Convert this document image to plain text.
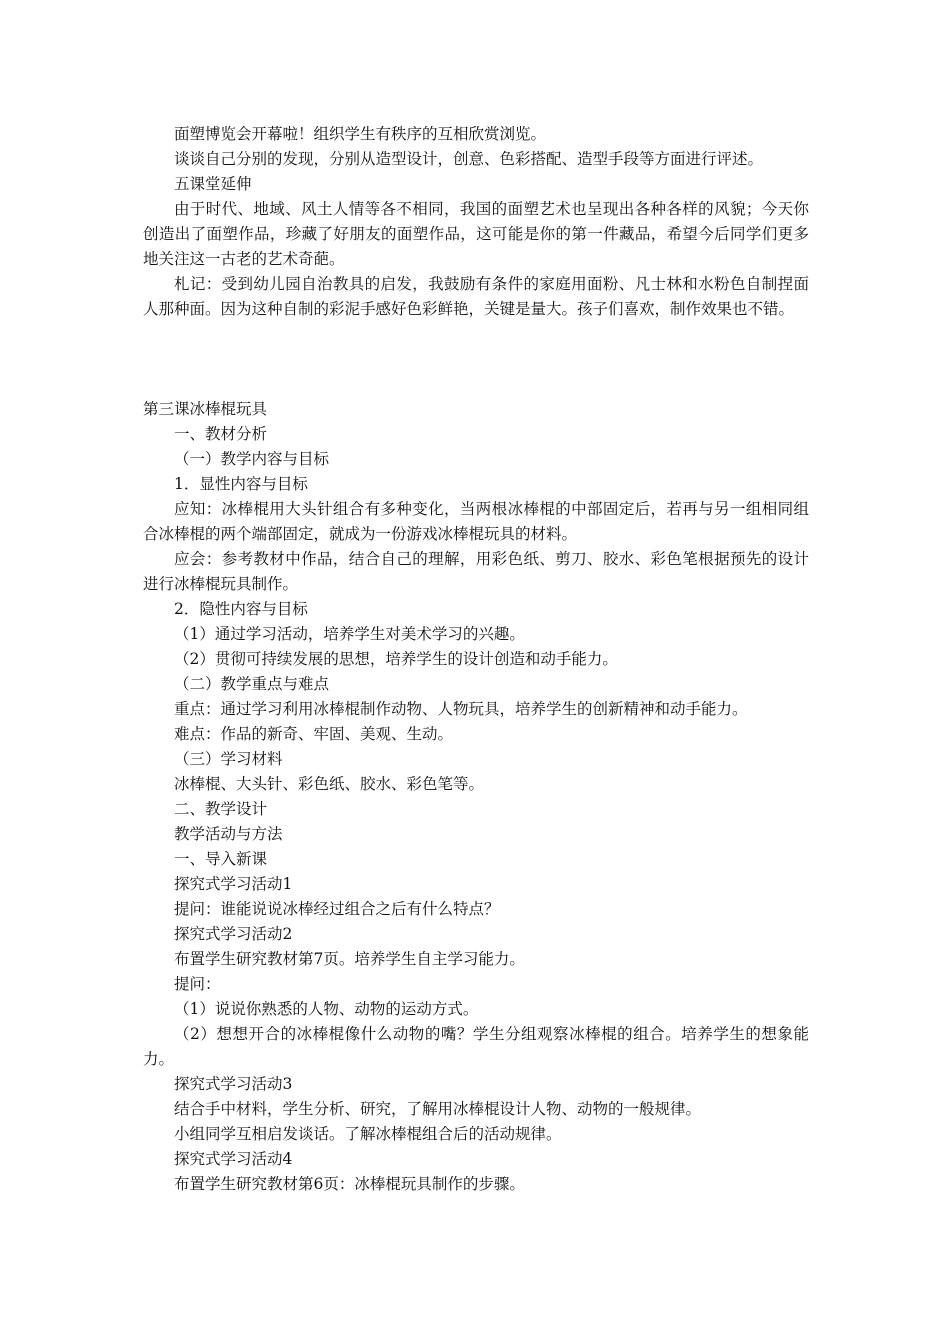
面塑博览会开幕啦！组织学生有秩序的互相欣赏浏览。

谈谈自己分别的发现，分别从造型设计，创意、色彩搭配、造型手段等方面进行评述。

五课堂延伸

由于时代、地域、风土人情等各不相同，我国的面塑艺术也呈现出各种各样的风貌；今天你创造出了面塑作品，珍藏了好朋友的面塑作品，这可能是你的第一件藏品，希望今后同学们更多地关注这一古老的艺术奇葩。

札记：受到幼儿园自治教具的启发，我鼓励有条件的家庭用面粉、凡士林和水粉色自制捏面人那种面。因为这种自制的彩泥手感好色彩鲜艳，关键是量大。孩子们喜欢，制作效果也不错。

第三课冰棒棍玩具

一、教材分析

（一）教学内容与目标

1．显性内容与目标

应知：冰棒棍用大头针组合有多种变化，当两根冰棒棍的中部固定后，若再与另一组相同组合冰棒棍的两个端部固定，就成为一份游戏冰棒棍玩具的材料。

应会：参考教材中作品，结合自己的理解，用彩色纸、剪刀、胶水、彩色笔根据预先的设计进行冰棒棍玩具制作。

2．隐性内容与目标

（1）通过学习活动，培养学生对美术学习的兴趣。

（2）贯彻可持续发展的思想，培养学生的设计创造和动手能力。

（二）教学重点与难点

重点：通过学习利用冰棒棍制作动物、人物玩具，培养学生的创新精神和动手能力。

难点：作品的新奇、牢固、美观、生动。

（三）学习材料

冰棒棍、大头针、彩色纸、胶水、彩色笔等。

二、教学设计

教学活动与方法

一、导入新课

探究式学习活动1

提问：谁能说说冰棒经过组合之后有什么特点？

探究式学习活动2

布置学生研究教材第7页。培养学生自主学习能力。

提问：

（1）说说你熟悉的人物、动物的运动方式。

（2）想想开合的冰棒棍像什么动物的嘴？学生分组观察冰棒棍的组合。培养学生的想象能力。

探究式学习活动3

结合手中材料，学生分析、研究，了解用冰棒棍设计人物、动物的一般规律。

小组同学互相启发谈话。了解冰棒棍组合后的活动规律。

探究式学习活动4

布置学生研究教材第6页：冰棒棍玩具制作的步骤。
